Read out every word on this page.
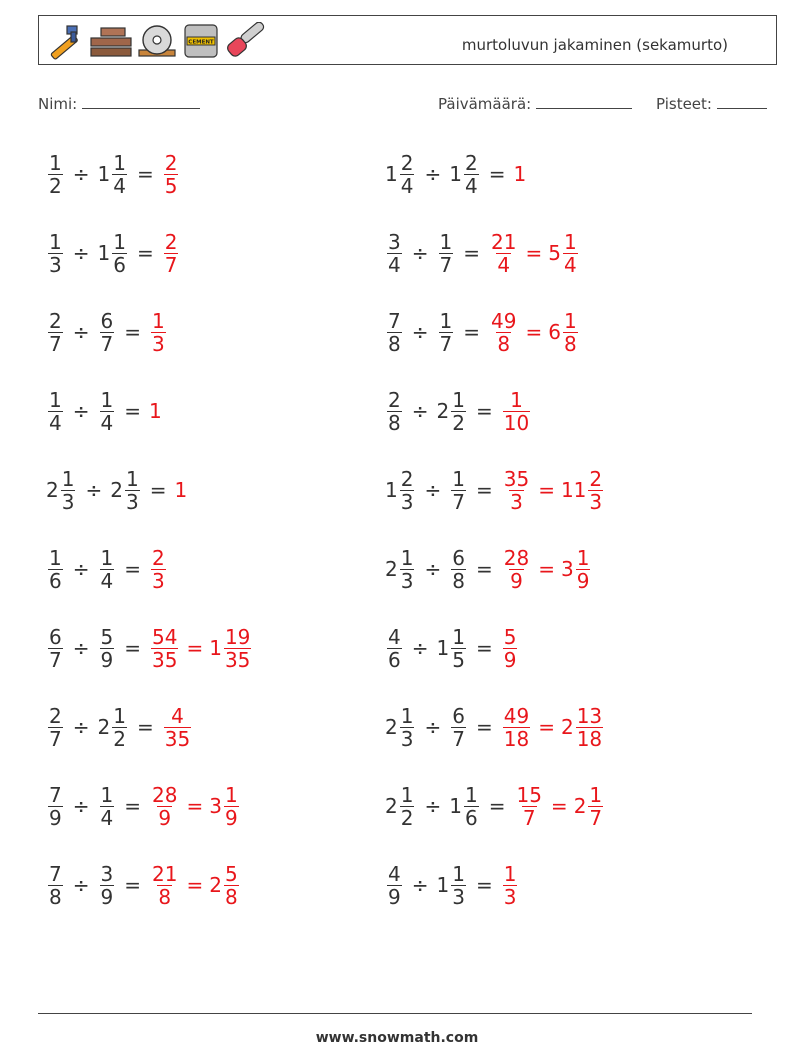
CEMENT	murtoluvun jakaminen (sekamurto)
Nimi:	Päivämäärä:	Pisteet:
$\frac{1}{2} \div 1 \frac{1}{4} = \frac{2}{5}$
$\frac{1}{3} \div 1 \frac{1}{6} = \frac{2}{7}$
$\frac{2}{7} \div \frac{6}{7} = \frac{1}{3}$
$\frac{1}{4} \div \frac{1}{4} = 1$
$2 \frac{1}{3} \div 2 \frac{1}{3} = 1$
$\frac{1}{6} \div \frac{1}{4} = \frac{2}{3}$
$\frac{6}{7} \div \frac{5}{9} = \frac{54}{35} = 1 \frac{19}{35}$
$\frac{2}{7} \div 2 \frac{1}{2} = \frac{4}{35}$
$\frac{7}{9} \div \frac{1}{4} = \frac{28}{9} = 3 \frac{1}{9}$
$\frac{7}{8} \div \frac{3}{9} = \frac{21}{8} = 2 \frac{5}{8}$
$1 \frac{2}{4} \div 1 \frac{2}{4} = 1$
$\frac{3}{4} \div \frac{1}{7} = \frac{21}{4} = 5 \frac{1}{4}$
$\frac{7}{8} \div \frac{1}{7} = \frac{49}{8} = 6 \frac{1}{8}$
$\frac{2}{8} \div 2 \frac{1}{2} = \frac{1}{10}$
$1 \frac{2}{3} \div \frac{1}{7} = \frac{35}{3} = 11 \frac{2}{3}$
$2 \frac{1}{3} \div \frac{6}{8} = \frac{28}{9} = 3 \frac{1}{9}$
$\frac{4}{6} \div 1 \frac{1}{5} = \frac{5}{9}$
$2 \frac{1}{3} \div \frac{6}{7} = \frac{49}{18} = 2 \frac{13}{18}$
$2 \frac{1}{2} \div 1 \frac{1}{6} = \frac{15}{7} = 2 \frac{1}{7}$
$\frac{4}{9} \div 1 \frac{1}{3} = \frac{1}{3}$
www.snowmath.com
